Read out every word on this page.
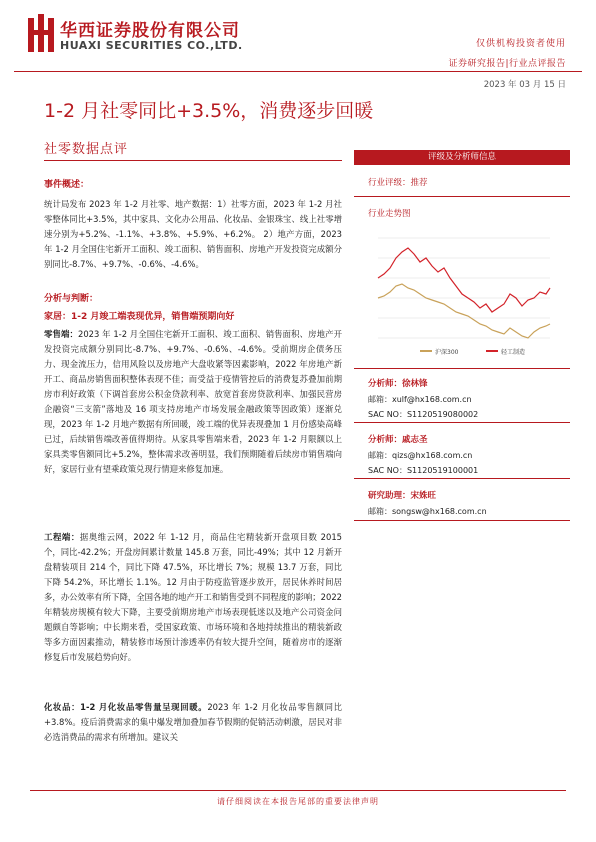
华西证券股份有限公司
HUAXI SECURITIES CO.,LTD.	仅供机构投资者使用
证券研究报告|行业点评报告
2023 年 03 月 15 日
1-2 月社零同比+3.5%，消费逐步回暖
社零数据点评
事件概述：

统计局发布 2023 年 1-2 月社零、地产数据：1）社零方面，2023 年 1-2 月社零整体同比+3.5%，其中家具、文化办公用品、化妆品、金银珠宝、线上社零增速分别为+5.2%、-1.1%、+3.8%、+5.9%、+6.2%。 2）地产方面，2023 年 1-2 月全国住宅新开工面积、竣工面积、销售面积、房地产开发投资完成额分别同比-8.7%、+9.7%、-0.6%、-4.6%。

分析与判断：
家居：1-2 月竣工端表现优异，销售端预期向好

零售端：2023 年 1-2 月全国住宅新开工面积、竣工面积、销售面积、房地产开发投资完成额分别同比-8.7%、+9.7%、-0.6%、-4.6%。受前期房企债务压力、现金流压力，信用风险以及房地产大盘收紧等因素影响，2022 年房地产新开工、商品房销售面积整体表现不佳；而受益于疫情管控后的消费复苏叠加前期房市利好政策（下调首套房公积金贷款利率、放宽首套房贷款利率、加强民营房企融资“三支箭”落地及 16 项支持房地产市场发展金融政策等因政策）逐渐兑现，2023 年 1-2 月地产数据有所回暖，竣工端的优异表现叠加 1 月份感染高峰已过，后续销售端改善值得期待。从家具零售端来看，2023 年 1-2 月限额以上家具类零售额同比+5.2%，整体需求改善明显，我们预期随着后续房市销售端向好，家居行业有望乘政策兑现行情迎来修复加速。

工程端：据奥维云网，2022 年 1-12 月，商品住宅精装新开盘项目数 2015 个，同比-42.2%；开盘房间累计数量 145.8 万套，同比-49%；其中 12 月新开盘精装项目 214 个，同比下降 47.5%，环比增长 7%；规模 13.7 万套，同比下降 54.2%，环比增长 1.1%。12 月由于防疫监管逐步放开，居民休养时间居多，办公效率有所下降，全国各地的地产开工和销售受到不同程度的影响；2022 年精装房规模有较大下降，主要受前期房地产市场表现低迷以及地产公司资金问题颇自等影响；中长期来看，受国家政策、市场环境和各地持续推出的精装新政等多方面因素推动，精装修市场预计渗透率仍有较大提升空间，随着房市的逐渐修复后市发展趋势向好。

化妆品：1-2 月化妆品零售量呈现回暖。2023 年 1-2 月化妆品零售额同比+3.8%。疫后消费需求的集中爆发增加叠加春节假期的促销活动刺激，居民对非必选消费品的需求有所增加。建议关

评级及分析师信息
行业评级：推荐
行业走势图
沪深300	轻工制造
分析师：徐林锋
邮箱：xulf@hx168.com.cn
SAC NO：S1120519080002
分析师：戚志圣
邮箱：qizs@hx168.com.cn
SAC NO：S1120519100001
研究助理：宋姝旺
邮箱：songsw@hx168.com.cn
请仔细阅读在本报告尾部的重要法律声明
